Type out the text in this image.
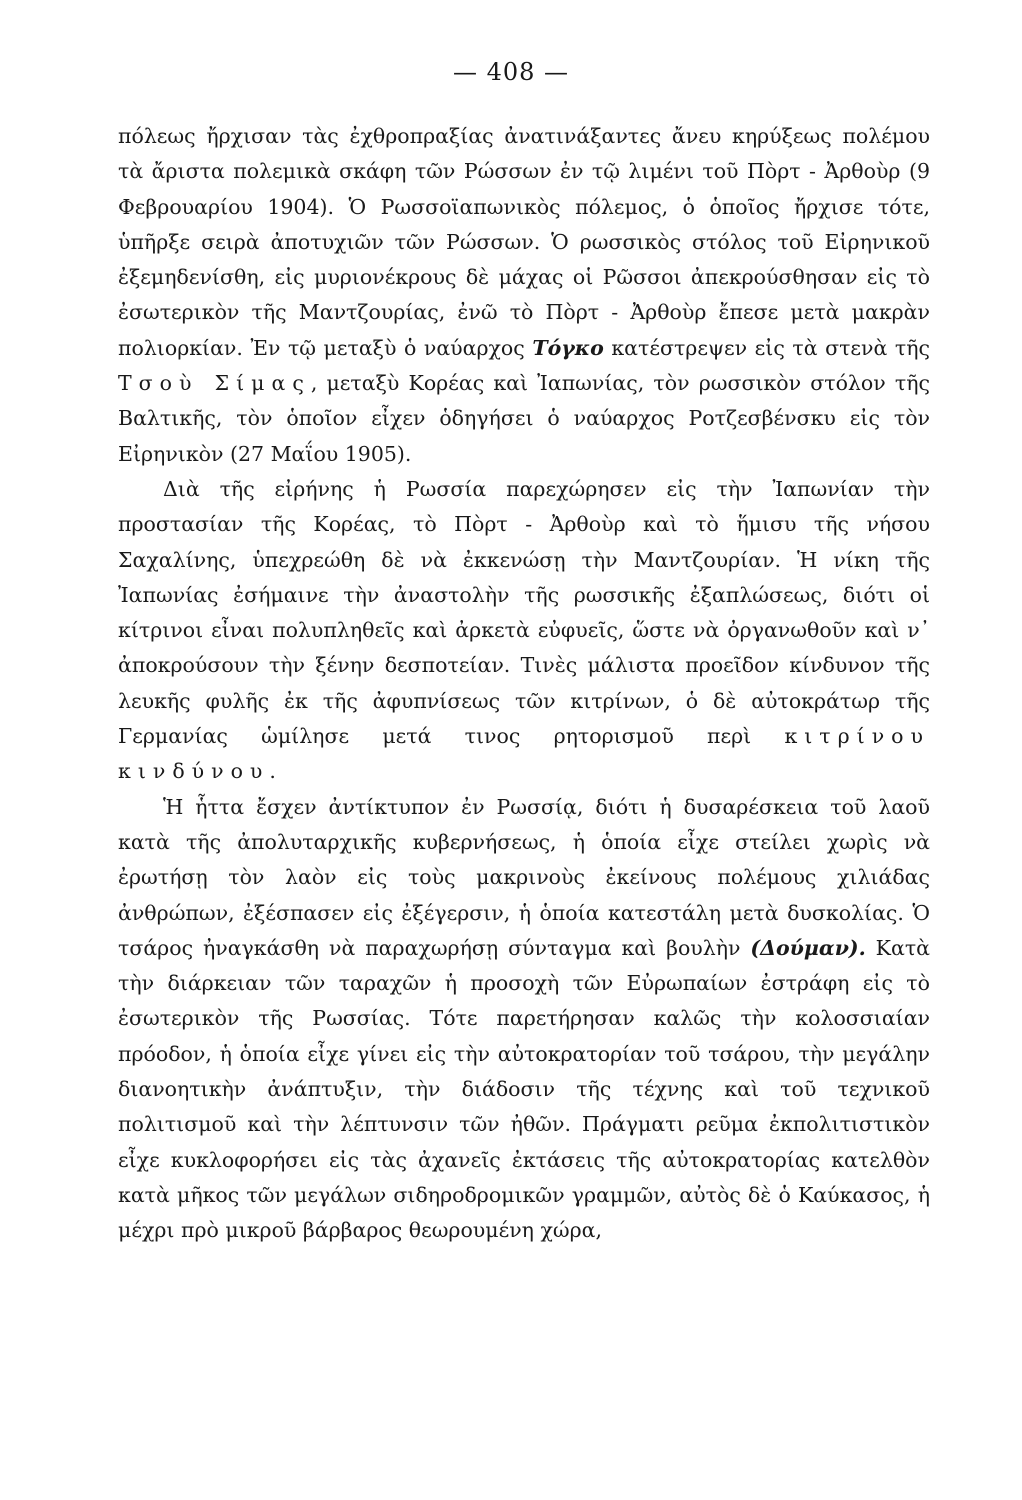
— 408 —

πόλεως ἤρχισαν τὰς ἐχθροπραξίας ἀνατινάξαντες ἄνευ κηρύξεως πολέμου τὰ ἄριστα πολεμικὰ σκάφη τῶν Ρώσσων ἐν τῷ λιμένι τοῦ Πὸρτ - Ἀρθοὺρ (9 Φεβρουαρίου 1904). Ὁ Ρωσσοϊαπωνικὸς πόλεμος, ὁ ὁποῖος ἤρχισε τότε, ὑπῆρξε σειρὰ ἀποτυχιῶν τῶν Ρώσσων. Ὁ ρωσσικὸς στόλος τοῦ Εἰρηνικοῦ ἐξεμηδενίσθη, εἰς μυριονέκρους δὲ μάχας οἱ Ρῶσσοι ἀπεκρούσθησαν εἰς τὸ ἐσωτερικὸν τῆς Μαντζουρίας, ἐνῶ τὸ Πὸρτ - Ἀρθοὺρ ἔπεσε μετὰ μακρὰν πολιορκίαν. Ἐν τῷ μεταξὺ ὁ ναύαρχος Τόγκο κατέστρεψεν εἰς τὰ στενὰ τῆς Τσοὺ Σίμας, μεταξὺ Κορέας καὶ Ἰαπωνίας, τὸν ρωσσικὸν στόλον τῆς Βαλτικῆς, τὸν ὁποῖον εἶχεν ὁδηγήσει ὁ ναύαρχος Ροτζεσβένσκυ εἰς τὸν Εἰρηνικὸν (27 Μαΐου 1905).

Διὰ τῆς εἰρήνης ἡ Ρωσσία παρεχώρησεν εἰς τὴν Ἰαπωνίαν τὴν προστασίαν τῆς Κορέας, τὸ Πὸρτ - Ἀρθοὺρ καὶ τὸ ἥμισυ τῆς νήσου Σαχαλίνης, ὑπεχρεώθη δὲ νὰ ἐκκενώσῃ τὴν Μαντζουρίαν. Ἡ νίκη τῆς Ἰαπωνίας ἐσήμαινε τὴν ἀναστολὴν τῆς ρωσσικῆς ἐξαπλώσεως, διότι οἱ κίτρινοι εἶναι πολυπληθεῖς καὶ ἀρκετὰ εὐφυεῖς, ὥστε νὰ ὀργανωθοῦν καὶ ν᾽ ἀποκρούσουν τὴν ξένην δεσποτείαν. Τινὲς μάλιστα προεῖδον κίνδυνον τῆς λευκῆς φυλῆς ἐκ τῆς ἀφυπνίσεως τῶν κιτρίνων, ὁ δὲ αὐτοκράτωρ τῆς Γερμανίας ὡμίλησε μετά τινος ρητορισμοῦ περὶ κιτρίνου κινδύνου.

Ἡ ἧττα ἔσχεν ἀντίκτυπον ἐν Ρωσσίᾳ, διότι ἡ δυσαρέσκεια τοῦ λαοῦ κατὰ τῆς ἀπολυταρχικῆς κυβερνήσεως, ἡ ὁποία εἶχε στείλει χωρὶς νὰ ἐρωτήσῃ τὸν λαὸν εἰς τοὺς μακρινοὺς ἐκείνους πολέμους χιλιάδας ἀνθρώπων, ἐξέσπασεν εἰς ἐξέγερσιν, ἡ ὁποία κατεστάλη μετὰ δυσκολίας. Ὁ τσάρος ἠναγκάσθη νὰ παραχωρήσῃ σύνταγμα καὶ βουλὴν (Δούμαν). Κατὰ τὴν διάρκειαν τῶν ταραχῶν ἡ προσοχὴ τῶν Εὐρωπαίων ἐστράφη εἰς τὸ ἐσωτερικὸν τῆς Ρωσσίας. Τότε παρετήρησαν καλῶς τὴν κολοσσιαίαν πρόοδον, ἡ ὁποία εἶχε γίνει εἰς τὴν αὐτοκρατορίαν τοῦ τσάρου, τὴν μεγάλην διανοητικὴν ἀνάπτυξιν, τὴν διάδοσιν τῆς τέχνης καὶ τοῦ τεχνικοῦ πολιτισμοῦ καὶ τὴν λέπτυνσιν τῶν ἠθῶν. Πράγματι ρεῦμα ἐκπολιτιστικὸν εἶχε κυκλοφορήσει εἰς τὰς ἀχανεῖς ἐκτάσεις τῆς αὐτοκρατορίας κατελθὸν κατὰ μῆκος τῶν μεγάλων σιδηροδρομικῶν γραμμῶν, αὐτὸς δὲ ὁ Καύκασος, ἡ μέχρι πρὸ μικροῦ βάρβαρος θεωρουμένη χώρα,
